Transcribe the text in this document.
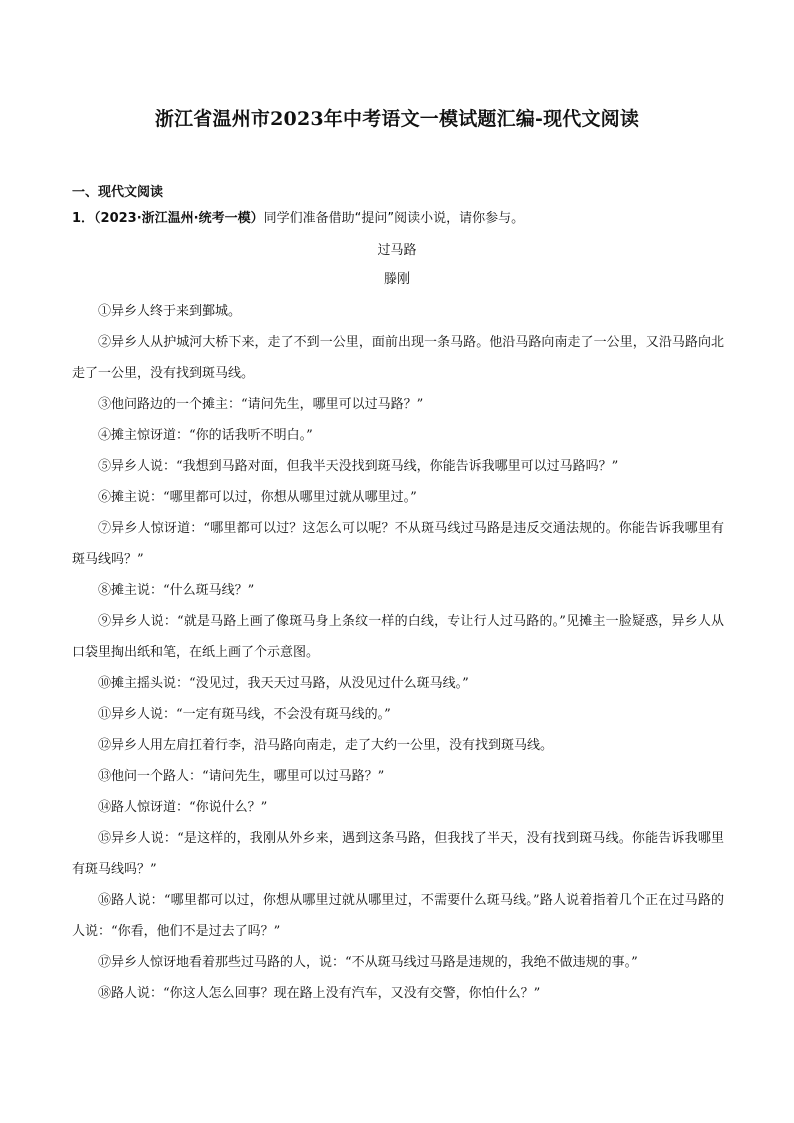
浙江省温州市2023年中考语文一模试题汇编-现代文阅读
一、现代文阅读
1．（2023·浙江温州·统考一模）同学们准备借助“提问”阅读小说，请你参与。
过马路
滕刚

①异乡人终于来到鄞城。

②异乡人从护城河大桥下来，走了不到一公里，面前出现一条马路。他沿马路向南走了一公里，又沿马路向北走了一公里，没有找到斑马线。

③他问路边的一个摊主：“请问先生，哪里可以过马路？”

④摊主惊讶道：“你的话我听不明白。”

⑤异乡人说：“我想到马路对面，但我半天没找到斑马线，你能告诉我哪里可以过马路吗？”

⑥摊主说：“哪里都可以过，你想从哪里过就从哪里过。”

⑦异乡人惊讶道：“哪里都可以过？这怎么可以呢？不从斑马线过马路是违反交通法规的。你能告诉我哪里有斑马线吗？”

⑧摊主说：“什么斑马线？”

⑨异乡人说：“就是马路上画了像斑马身上条纹一样的白线，专让行人过马路的。”见摊主一脸疑惑，异乡人从口袋里掏出纸和笔，在纸上画了个示意图。

⑩摊主摇头说：“没见过，我天天过马路，从没见过什么斑马线。”

⑪异乡人说：“一定有斑马线，不会没有斑马线的。”

⑫异乡人用左肩扛着行李，沿马路向南走，走了大约一公里，没有找到斑马线。

⑬他问一个路人：“请问先生，哪里可以过马路？”

⑭路人惊讶道：“你说什么？”

⑮异乡人说：“是这样的，我刚从外乡来，遇到这条马路，但我找了半天，没有找到斑马线。你能告诉我哪里有斑马线吗？”

⑯路人说：“哪里都可以过，你想从哪里过就从哪里过，不需要什么斑马线。”路人说着指着几个正在过马路的人说：“你看，他们不是过去了吗？”

⑰异乡人惊讶地看着那些过马路的人，说：“不从斑马线过马路是违规的，我绝不做违规的事。”

⑱路人说：“你这人怎么回事？现在路上没有汽车，又没有交警，你怕什么？”
